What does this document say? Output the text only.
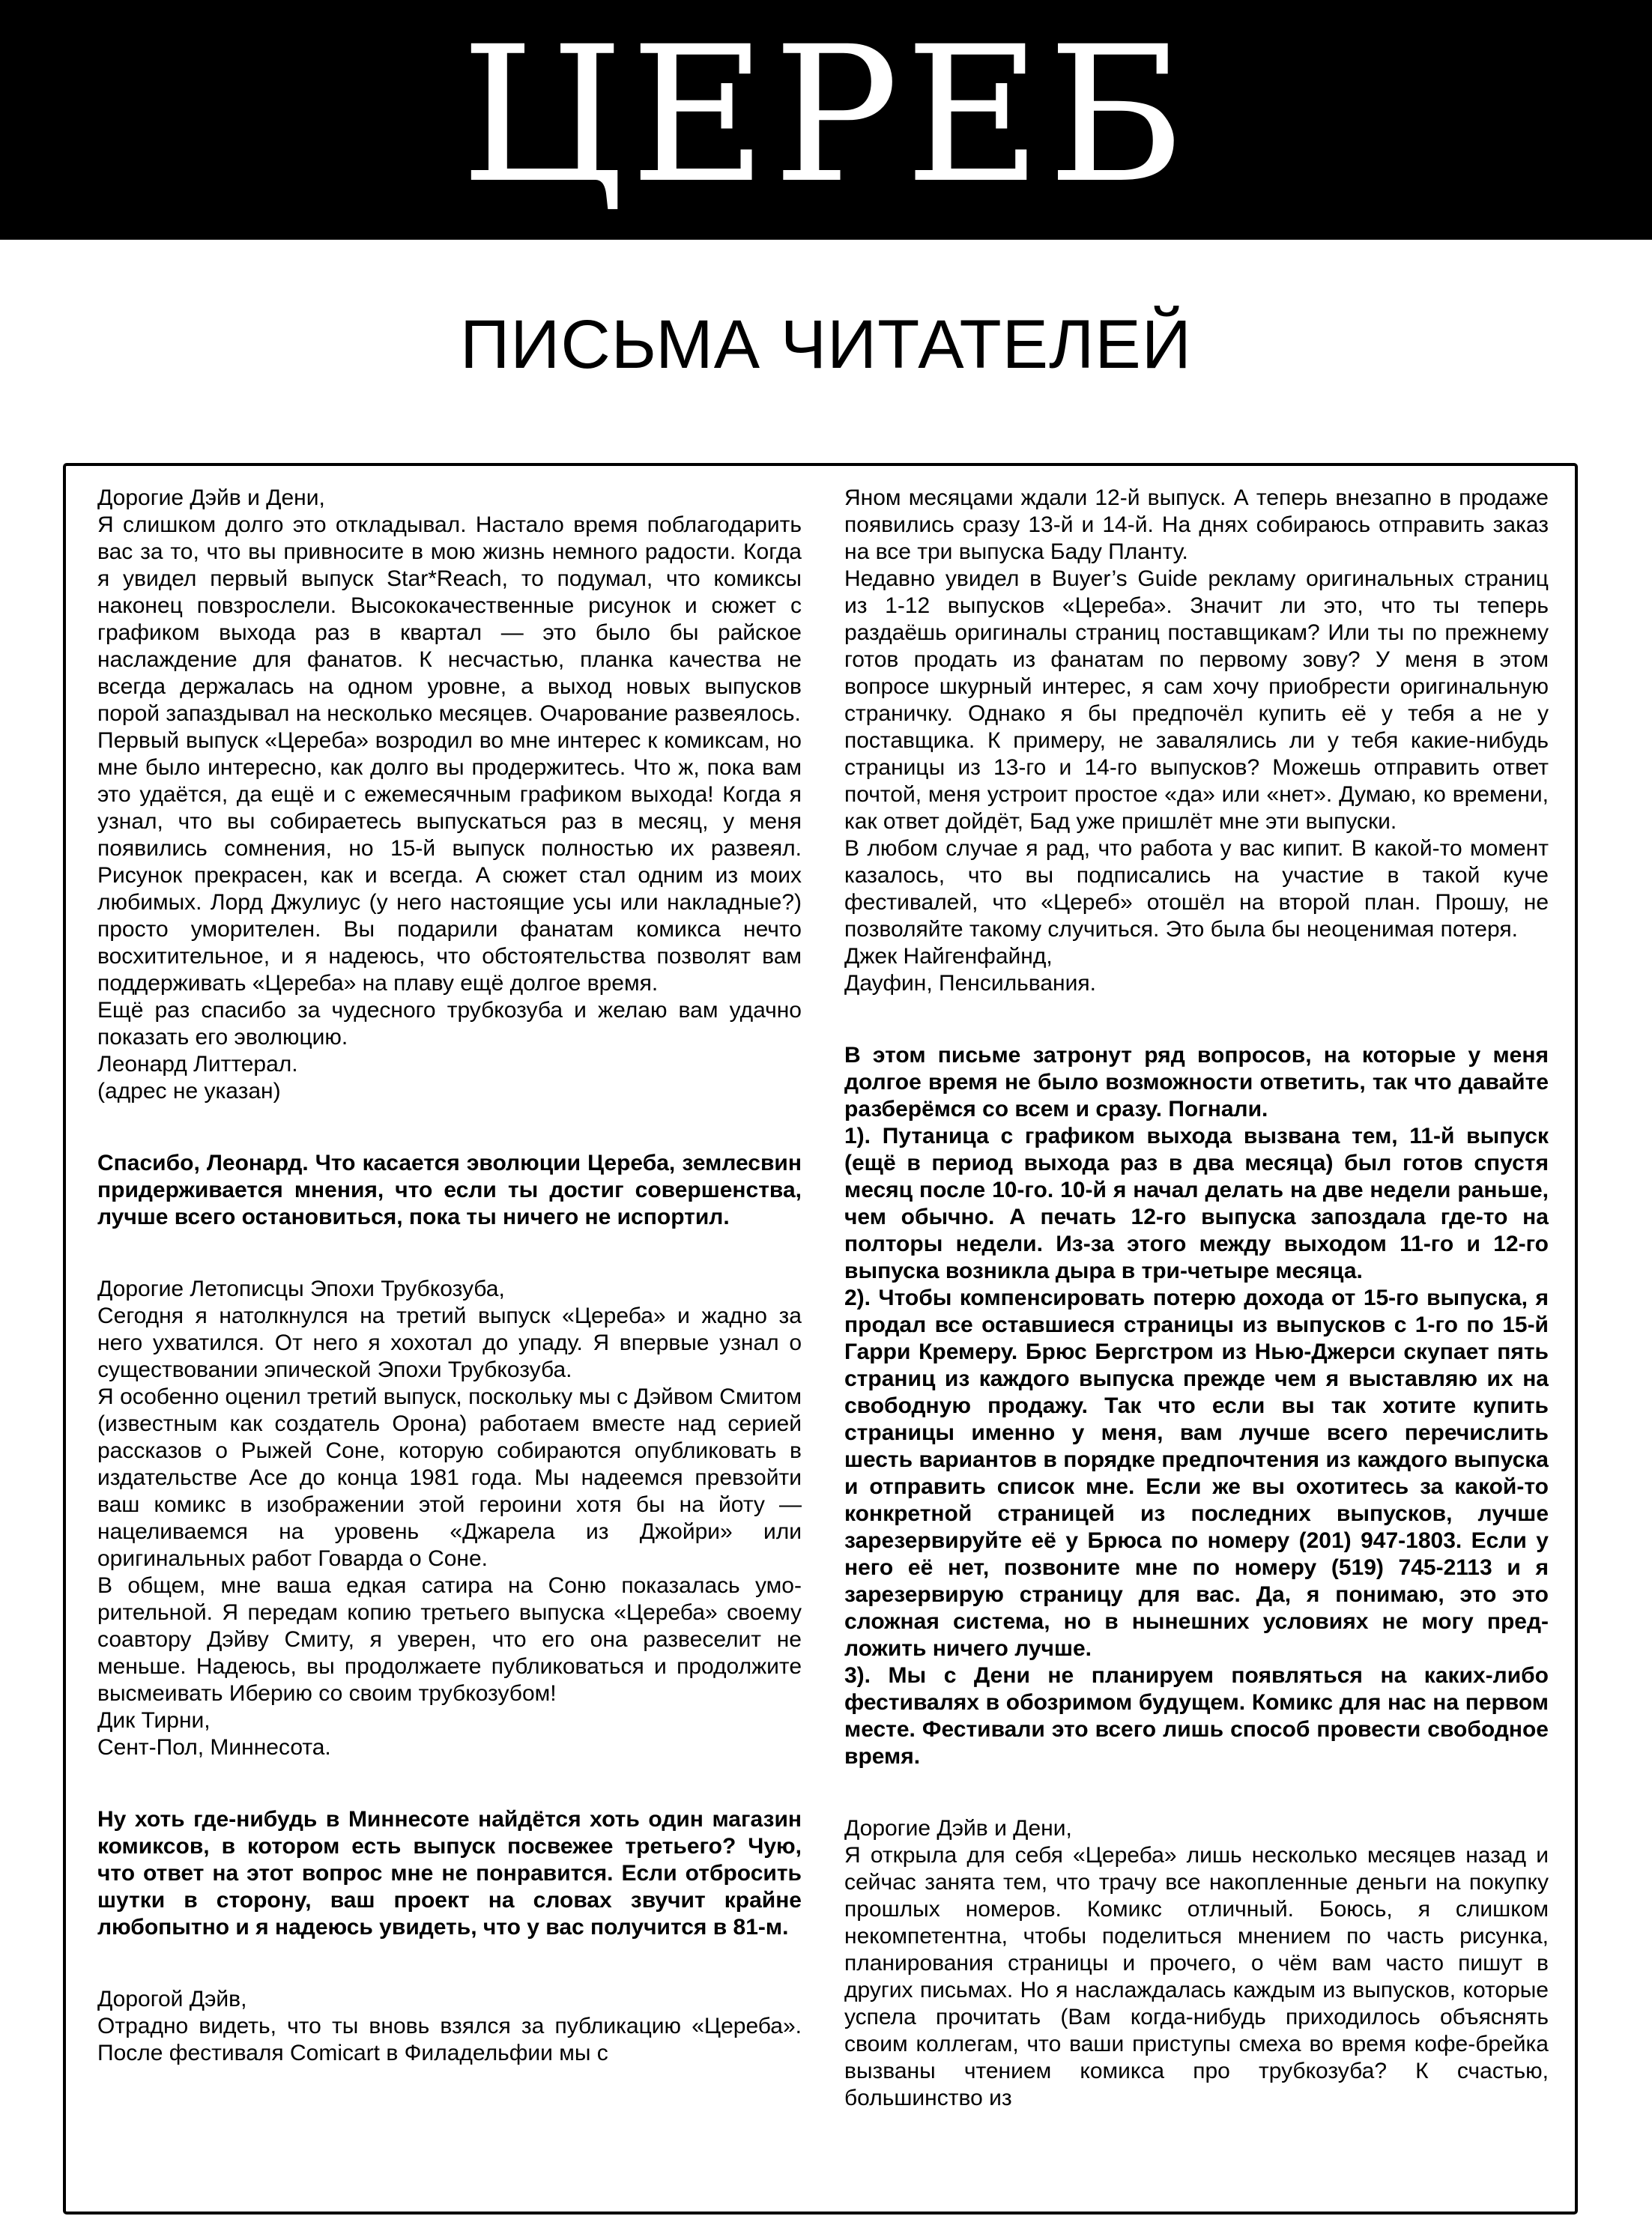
ЦЕРЕБ
ПИСЬМА ЧИТАТЕЛЕЙ

Дорогие Дэйв и Дени,

Я слишком долго это откладывал. Настало время поблагодарить вас за то, что вы привносите в мою жизнь немного радости. Когда я увидел первый выпуск Star*Reach, то подумал, что комиксы наконец повзрослели. Высококачественные рисунок и сюжет с графиком выхода раз в квартал — это было бы райское наслаждение для фанатов. К несчастью, планка качества не всегда держалась на одном уровне, а выход новых выпусков порой запаздывал на несколько месяцев. Очарование развеялось.

Первый выпуск «Цереба» возродил во мне интерес к комиксам, но мне было интересно, как долго вы продержитесь. Что ж, пока вам это удаётся, да ещё и с ежемесячным графиком выхода! Когда я узнал, что вы собираетесь выпускаться раз в месяц, у меня появились сомнения, но 15-й выпуск полностью их развеял. Рисунок прекрасен, как и всегда. А сюжет стал одним из моих любимых. Лорд Джулиус (у него настоящие усы или накладные?) просто уморителен. Вы подарили фанатам комикса нечто восхитительное, и я надеюсь, что обстоятельства позволят вам поддерживать «Цереба» на плаву ещё долгое время.

Ещё раз спасибо за чудесного трубкозуба и желаю вам удачно показать его эволюцию.

Леонард Литтерал.

(адрес не указан)

Спасибо, Леонард. Что касается эволюции Цереба, землесвин придерживается мнения, что если ты достиг совершенства, лучше всего остановиться, пока ты ничего не испортил.

Дорогие Летописцы Эпохи Трубкозуба,

Сегодня я натолкнулся на третий выпуск «Цереба» и жадно за него ухватился. От него я хохотал до упаду. Я впервые узнал о существовании эпической Эпохи Трубкозуба.

Я особенно оценил третий выпуск, поскольку мы с Дэйвом Смитом (известным как создатель Орона) работаем вместе над серией рассказов о Рыжей Соне, которую собираются опубликовать в издательстве Ace до конца 1981 года. Мы надеемся превзойти ваш комикс в изображении этой героини хотя бы на йоту — нацеливаемся на уровень «Джарела из Джойри» или оригинальных работ Говарда о Соне.

В общем, мне ваша едкая сатира на Соню показалась уморительной. Я передам копию третьего выпуска «Цереба» своему соавтору Дэйву Смиту, я уверен, что его она развеселит не меньше. Надеюсь, вы продолжаете публиковаться и продолжите высмеивать Иберию со своим трубкозубом!

Дик Тирни,

Сент-Пол, Миннесота.

Ну хоть где-нибудь в Миннесоте найдётся хоть один магазин комиксов, в котором есть выпуск посвежее третьего? Чую, что ответ на этот вопрос мне не понравится. Если отбросить шутки в сторону, ваш проект на словах звучит крайне любопытно и я надеюсь увидеть, что у вас получится в 81-м.

Дорогой Дэйв,

Отрадно видеть, что ты вновь взялся за публикацию «Цереба». После фестиваля Comicart в Филадельфии мы с

Яном месяцами ждали 12-й выпуск. А теперь внезапно в продаже появились сразу 13-й и 14-й. На днях собираюсь отправить заказ на все три выпуска Баду Планту.

Недавно увидел в Buyer’s Guide рекламу оригинальных страниц из 1-12 выпусков «Цереба». Значит ли это, что ты теперь раздаёшь оригиналы страниц поставщикам? Или ты по прежнему готов продать из фанатам по первому зову? У меня в этом вопросе шкурный интерес, я сам хочу приобрести оригинальную страничку. Однако я бы предпочёл купить её у тебя а не у поставщика. К примеру, не завалялись ли у тебя какие-нибудь страницы из 13-го и 14-го выпусков? Можешь отправить ответ почтой, меня устроит простое «да» или «нет». Думаю, ко времени, как ответ дойдёт, Бад уже пришлёт мне эти выпуски.

В любом случае я рад, что работа у вас кипит. В какой-то момент казалось, что вы подписались на участие в такой куче фестивалей, что «Цереб» отошёл на второй план. Прошу, не позволяйте такому случиться. Это была бы неоценимая потеря.

Джек Найгенфайнд,

Дауфин, Пенсильвания.

В этом письме затронут ряд вопросов, на которые у меня долгое время не было возможности ответить, так что давайте разберёмся со всем и сразу. Погнали.

1). Путаница с графиком выхода вызвана тем, 11-й выпуск (ещё в период выхода раз в два месяца) был готов спустя месяц после 10-го. 10-й я начал делать на две недели раньше, чем обычно. А печать 12-го выпуска запоздала где-то на полторы недели. Из-за этого между выходом 11-го и 12-го выпуска возникла дыра в три-четыре месяца.

2). Чтобы компенсировать потерю дохода от 15-го выпуска, я продал все оставшиеся страницы из выпусков с 1-го по 15-й Гарри Кремеру. Брюс Бергстром из Нью-Джерси скупает пять страниц из каждого выпуска прежде чем я выставляю их на свободную продажу. Так что если вы так хотите купить страницы именно у меня, вам лучше всего перечислить шесть вариантов в порядке предпочтения из каждого выпуска и отправить список мне. Если же вы охотитесь за какой-то конкретной страницей из последних выпусков, лучше зарезервируйте её у Брюса по номеру (201) 947-1803. Если у него её нет, позвоните мне по номеру (519) 745-2113 и я зарезервирую страницу для вас. Да, я понимаю, это это сложная система, но в нынешних условиях не могу предложить ничего лучше.

3). Мы с Дени не планируем появляться на каких-либо фестивалях в обозримом будущем. Комикс для нас на первом месте. Фестивали это всего лишь способ провести свободное время.

Дорогие Дэйв и Дени,

Я открыла для себя «Цереба» лишь несколько месяцев назад и сейчас занята тем, что трачу все накопленные деньги на покупку прошлых номеров. Комикс отличный. Боюсь, я слишком некомпетентна, чтобы поделиться мнением по часть рисунка, планирования страницы и прочего, о чём вам часто пишут в других письмах. Но я наслаждалась каждым из выпусков, которые успела прочитать (Вам когда-нибудь приходилось объяснять своим коллегам, что ваши приступы смеха во время кофе-брейка вызваны чтением комикса про трубкозуба? К счастью, большинство из
